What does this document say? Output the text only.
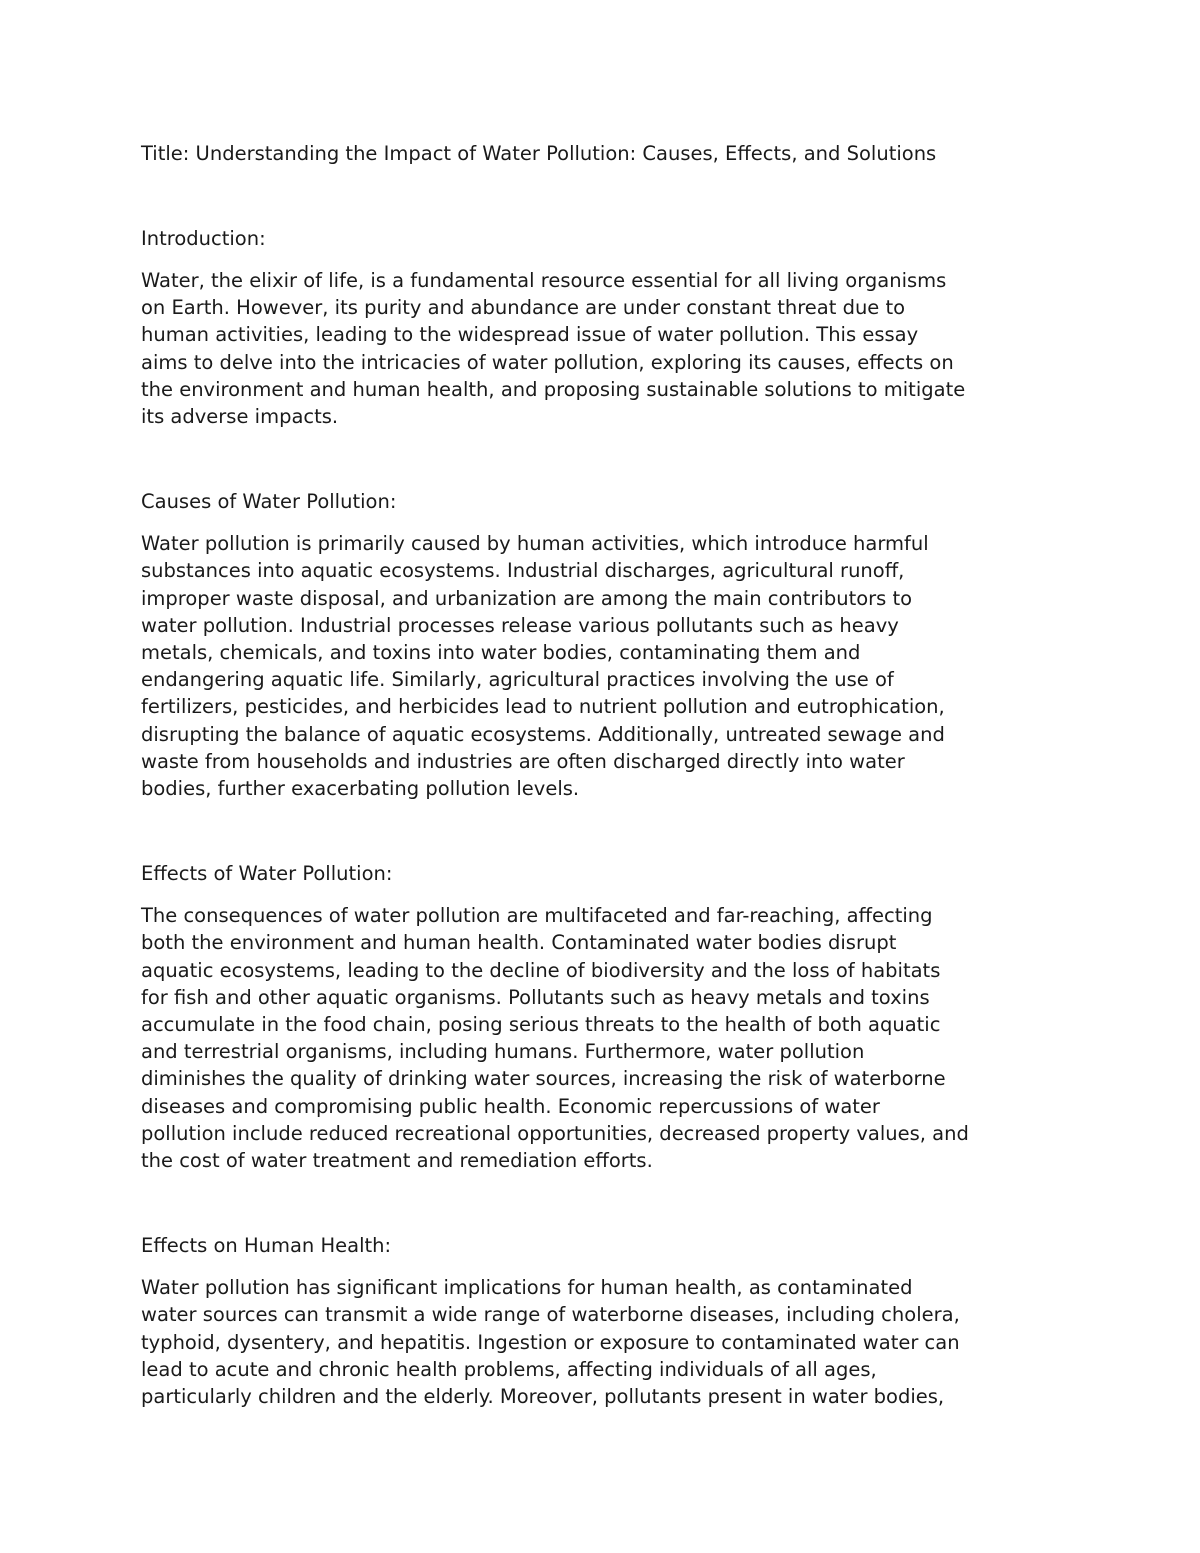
Title: Understanding the Impact of Water Pollution: Causes, Effects, and Solutions
Introduction:
Water, the elixir of life, is a fundamental resource essential for all living organisms
on Earth. However, its purity and abundance are under constant threat due to
human activities, leading to the widespread issue of water pollution. This essay
aims to delve into the intricacies of water pollution, exploring its causes, effects on
the environment and human health, and proposing sustainable solutions to mitigate
its adverse impacts.
Causes of Water Pollution:
Water pollution is primarily caused by human activities, which introduce harmful
substances into aquatic ecosystems. Industrial discharges, agricultural runoff,
improper waste disposal, and urbanization are among the main contributors to
water pollution. Industrial processes release various pollutants such as heavy
metals, chemicals, and toxins into water bodies, contaminating them and
endangering aquatic life. Similarly, agricultural practices involving the use of
fertilizers, pesticides, and herbicides lead to nutrient pollution and eutrophication,
disrupting the balance of aquatic ecosystems. Additionally, untreated sewage and
waste from households and industries are often discharged directly into water
bodies, further exacerbating pollution levels.
Effects of Water Pollution:
The consequences of water pollution are multifaceted and far-reaching, affecting
both the environment and human health. Contaminated water bodies disrupt
aquatic ecosystems, leading to the decline of biodiversity and the loss of habitats
for fish and other aquatic organisms. Pollutants such as heavy metals and toxins
accumulate in the food chain, posing serious threats to the health of both aquatic
and terrestrial organisms, including humans. Furthermore, water pollution
diminishes the quality of drinking water sources, increasing the risk of waterborne
diseases and compromising public health. Economic repercussions of water
pollution include reduced recreational opportunities, decreased property values, and
the cost of water treatment and remediation efforts.
Effects on Human Health:
Water pollution has significant implications for human health, as contaminated
water sources can transmit a wide range of waterborne diseases, including cholera,
typhoid, dysentery, and hepatitis. Ingestion or exposure to contaminated water can
lead to acute and chronic health problems, affecting individuals of all ages,
particularly children and the elderly. Moreover, pollutants present in water bodies,
